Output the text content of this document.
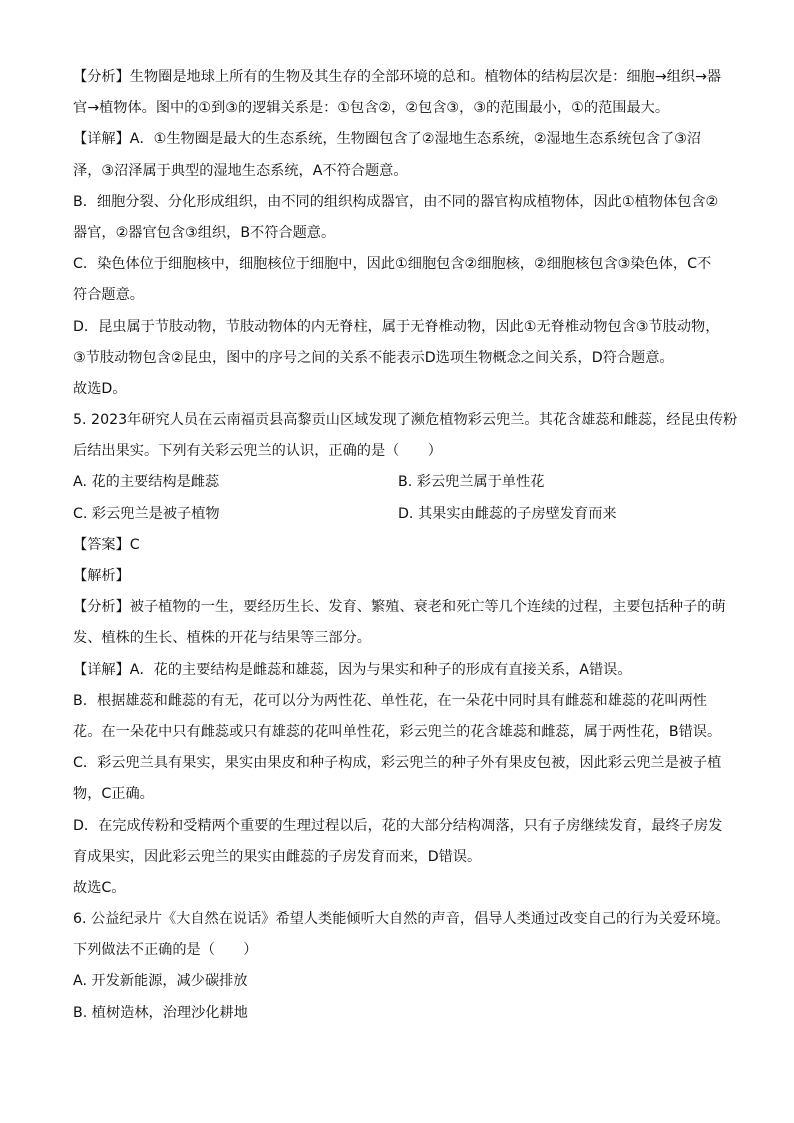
【分析】生物圈是地球上所有的生物及其生存的全部环境的总和。植物体的结构层次是：细胞→组织→器
官→植物体。图中的①到③的逻辑关系是：①包含②，②包含③，③的范围最小，①的范围最大。
【详解】A．①生物圈是最大的生态系统，生物圈包含了②湿地生态系统，②湿地生态系统包含了③沼
泽，③沼泽属于典型的湿地生态系统，A不符合题意。
B．细胞分裂、分化形成组织，由不同的组织构成器官，由不同的器官构成植物体，因此①植物体包含②
器官，②器官包含③组织，B不符合题意。
C．染色体位于细胞核中，细胞核位于细胞中，因此①细胞包含②细胞核，②细胞核包含③染色体，C不
符合题意。
D．昆虫属于节肢动物，节肢动物体的内无脊柱，属于无脊椎动物，因此①无脊椎动物包含③节肢动物，
③节肢动物包含②昆虫，图中的序号之间的关系不能表示D选项生物概念之间关系，D符合题意。
故选D。
5. 2023年研究人员在云南福贡县高黎贡山区域发现了濒危植物彩云兜兰。其花含雄蕊和雌蕊，经昆虫传粉
后结出果实。下列有关彩云兜兰的认识，正确的是（　　）
A. 花的主要结构是雌蕊	B. 彩云兜兰属于单性花
C. 彩云兜兰是被子植物	D. 其果实由雌蕊的子房壁发育而来
【答案】C
【解析】
【分析】被子植物的一生，要经历生长、发育、繁殖、衰老和死亡等几个连续的过程，主要包括种子的萌
发、植株的生长、植株的开花与结果等三部分。
【详解】A．花的主要结构是雌蕊和雄蕊，因为与果实和种子的形成有直接关系，A错误。
B．根据雄蕊和雌蕊的有无，花可以分为两性花、单性花，在一朵花中同时具有雌蕊和雄蕊的花叫两性
花。在一朵花中只有雌蕊或只有雄蕊的花叫单性花，彩云兜兰的花含雄蕊和雌蕊，属于两性花，B错误。
C．彩云兜兰具有果实，果实由果皮和种子构成，彩云兜兰的种子外有果皮包被，因此彩云兜兰是被子植
物，C正确。
D．在完成传粉和受精两个重要的生理过程以后，花的大部分结构凋落，只有子房继续发育，最终子房发
育成果实，因此彩云兜兰的果实由雌蕊的子房发育而来，D错误。
故选C。
6. 公益纪录片《大自然在说话》希望人类能倾听大自然的声音，倡导人类通过改变自己的行为关爱环境。
下列做法不正确的是（　　）
A. 开发新能源，减少碳排放
B. 植树造林，治理沙化耕地
